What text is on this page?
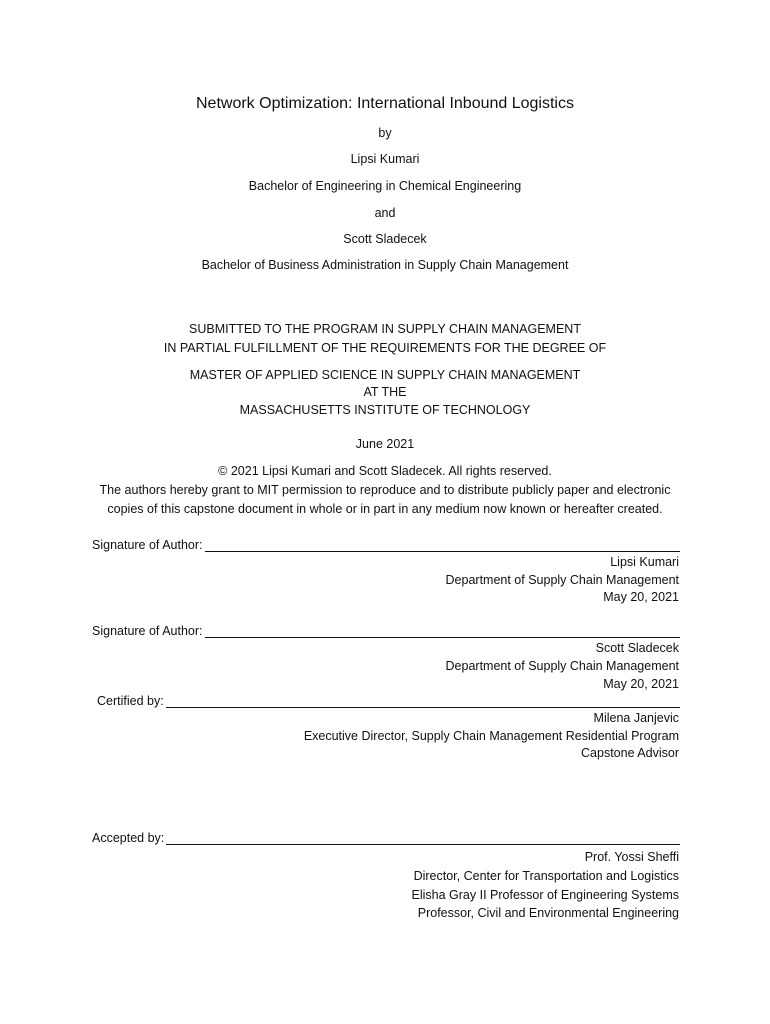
Network Optimization: International Inbound Logistics
by
Lipsi Kumari
Bachelor of Engineering in Chemical Engineering
and
Scott Sladecek
Bachelor of Business Administration in Supply Chain Management
SUBMITTED TO THE PROGRAM IN SUPPLY CHAIN MANAGEMENT
IN PARTIAL FULFILLMENT OF THE REQUIREMENTS FOR THE DEGREE OF
MASTER OF APPLIED SCIENCE IN SUPPLY CHAIN MANAGEMENT
AT THE
MASSACHUSETTS INSTITUTE OF TECHNOLOGY
June 2021
© 2021 Lipsi Kumari and Scott Sladecek. All rights reserved.
The authors hereby grant to MIT permission to reproduce and to distribute publicly paper and electronic
copies of this capstone document in whole or in part in any medium now known or hereafter created.
Signature of Author:
Lipsi Kumari
Department of Supply Chain Management
May 20, 2021
Signature of Author:
Scott Sladecek
Department of Supply Chain Management
May 20, 2021
Certified by:
Milena Janjevic
Executive Director, Supply Chain Management Residential Program
Capstone Advisor
Accepted by:
Prof. Yossi Sheffi
Director, Center for Transportation and Logistics
Elisha Gray II Professor of Engineering Systems
Professor, Civil and Environmental Engineering
